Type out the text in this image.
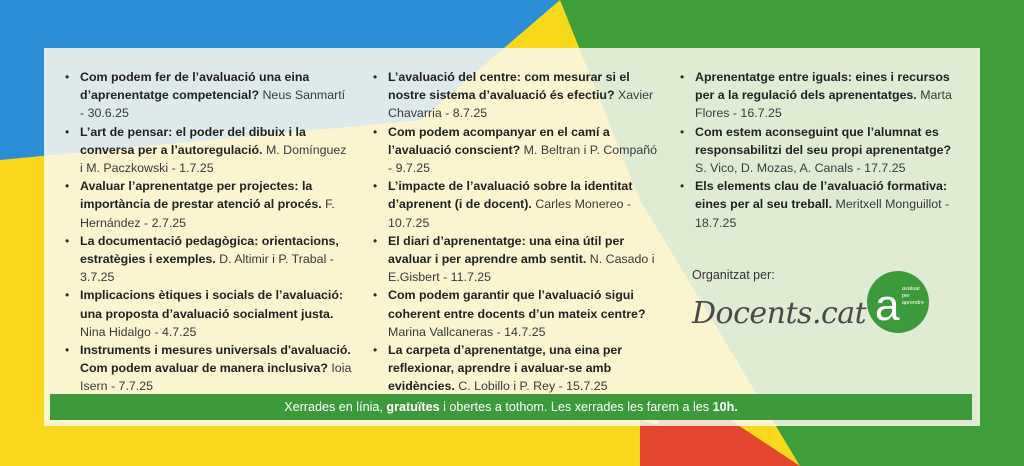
• Com podem fer de l’avaluació una eina d’aprenentatge competencial? Neus Sanmartí - 30.6.25
• L’art de pensar: el poder del dibuix i la conversa per a l’autoregulació. M. Domínguez i M. Paczkowski - 1.7.25
• Avaluar l’aprenentatge per projectes: la importància de prestar atenció al procés. F. Hernández - 2.7.25
• La documentació pedagògica: orientacions, estratègies i exemples. D. Altimir i P. Trabal - 3.7.25
• Implicacions ètiques i socials de l’avaluació: una proposta d’avaluació socialment justa. Nina Hidalgo - 4.7.25
• Instruments i mesures universals d'avaluació. Com podem avaluar de manera inclusiva? Ioia Isern - 7.7.25
• L’avaluació del centre: com mesurar si el nostre sistema d’avaluació és efectiu? Xavier Chavarria - 8.7.25
• Com podem acompanyar en el camí a l’avaluació conscient? M. Beltran i P. Compañó - 9.7.25
• L’impacte de l’avaluació sobre la identitat d’aprenent (i de docent). Carles Monereo - 10.7.25
• El diari d’aprenentatge: una eina útil per avaluar i per aprendre amb sentit. N. Casado i E.Gisbert - 11.7.25
• Com podem garantir que l’avaluació sigui coherent entre docents d’un mateix centre? Marina Vallcaneras - 14.7.25
• La carpeta d’aprenentatge, una eina per reflexionar, aprendre i avaluar-se amb evidències. C. Lobillo i P. Rey - 15.7.25
• Aprenentatge entre iguals: eines i recursos per a la regulació dels aprenentatges. Marta Flores - 16.7.25
• Com estem aconseguint que l’alumnat es responsabilitzi del seu propi aprenentatge? S. Vico, D. Mozas, A. Canals - 17.7.25
• Els elements clau de l’avaluació formativa: eines per al seu treball. Meritxell Monguillot - 18.7.25
Organitzat per:
Docents.cat a avaluar
per
aprendre
Xerrades en línia, gratuïtes i obertes a tothom. Les xerrades les farem a les 10h.
